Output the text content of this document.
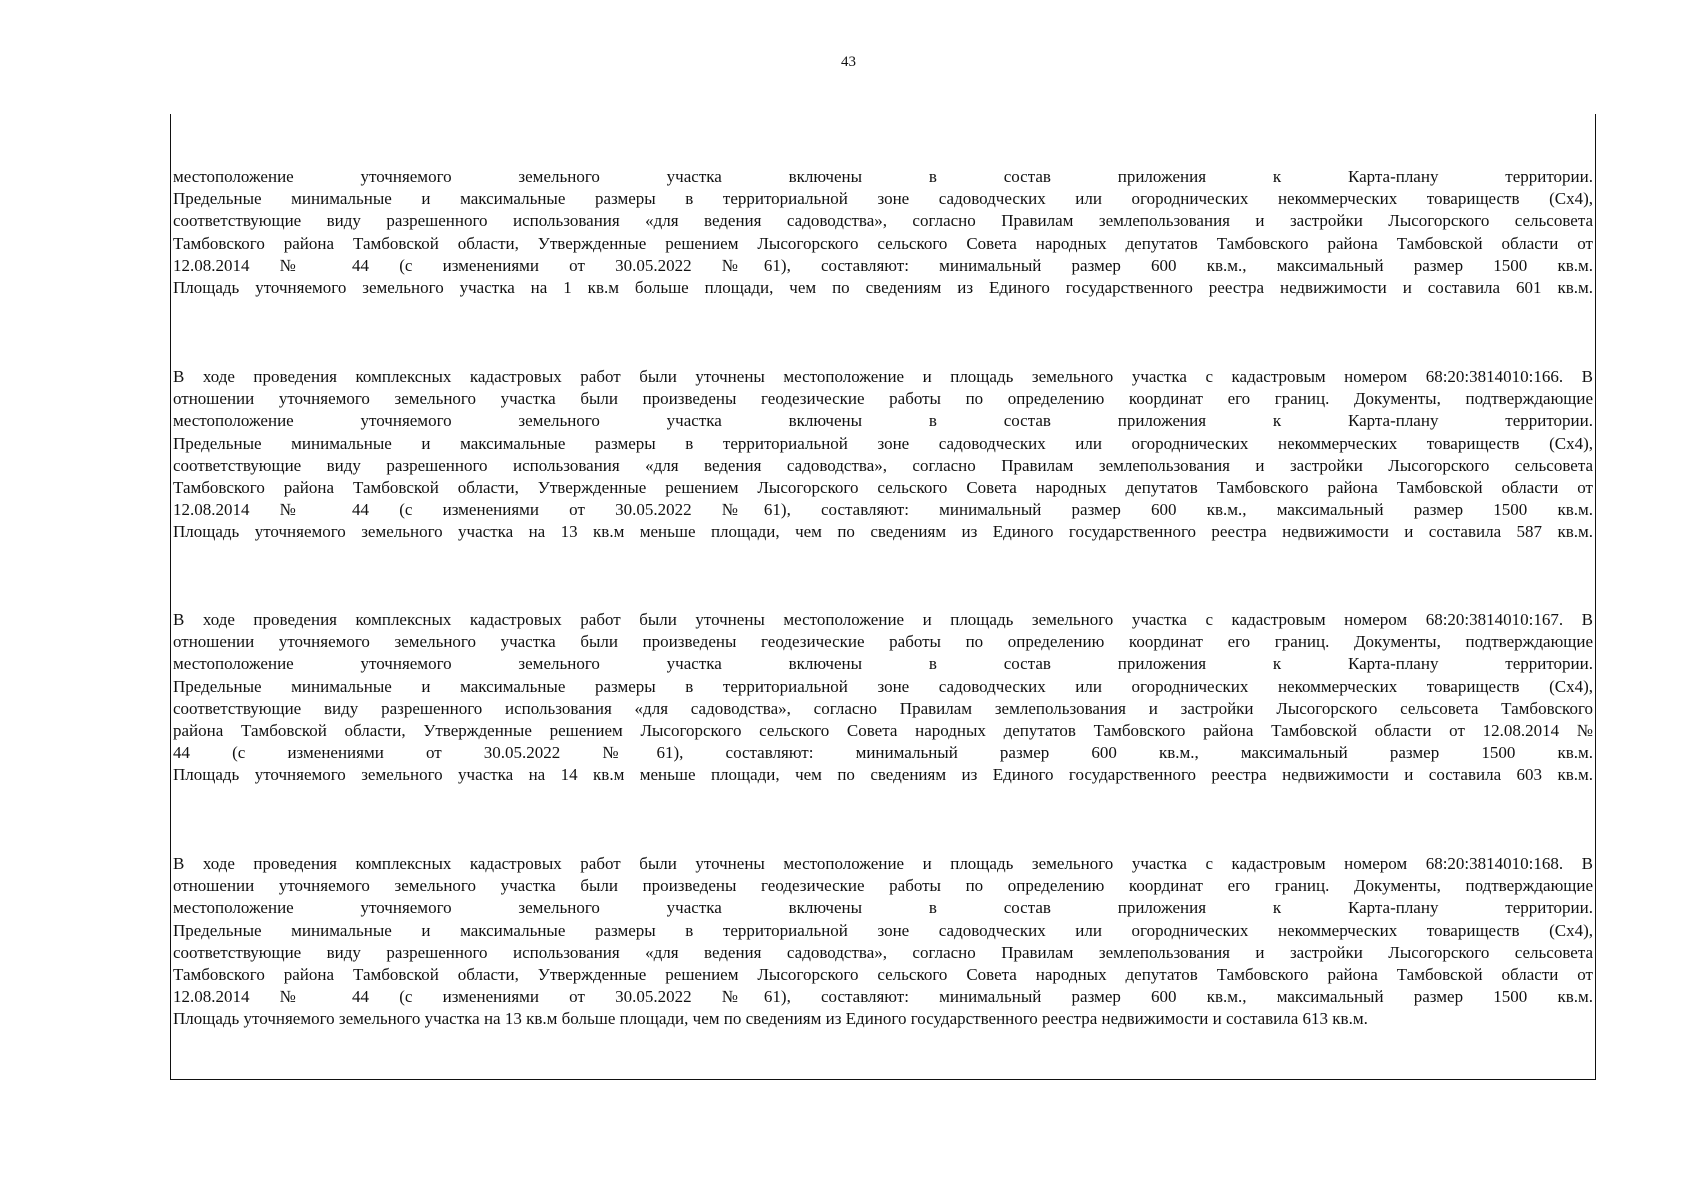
43
местоположение уточняемого земельного участка включены в состав приложения к Карта-плану территории.
Предельные минимальные и максимальные размеры в территориальной зоне садоводческих или огороднических некоммерческих товариществ (Сх4),
соответствующие виду разрешенного использования «для ведения садоводства», согласно Правилам землепользования и застройки Лысогорского сельсовета
Тамбовского района Тамбовской области, Утвержденные решением Лысогорского сельского Совета народных депутатов Тамбовского района Тамбовской области от
12.08.2014 № 44 (с изменениями от 30.05.2022 №61), составляют: минимальный размер 600 кв.м., максимальный размер 1500 кв.м.
Площадь уточняемого земельного участка на 1 кв.м больше площади, чем по сведениям из Единого государственного реестра недвижимости и составила 601 кв.м.
В ходе проведения комплексных кадастровых работ были уточнены местоположение и площадь земельного участка с кадастровым номером 68:20:3814010:166. В
отношении уточняемого земельного участка были произведены геодезические работы по определению координат его границ. Документы, подтверждающие
местоположение уточняемого земельного участка включены в состав приложения к Карта-плану территории.
Предельные минимальные и максимальные размеры в территориальной зоне садоводческих или огороднических некоммерческих товариществ (Сх4),
соответствующие виду разрешенного использования «для ведения садоводства», согласно Правилам землепользования и застройки Лысогорского сельсовета
Тамбовского района Тамбовской области, Утвержденные решением Лысогорского сельского Совета народных депутатов Тамбовского района Тамбовской области от
12.08.2014 № 44 (с изменениями от 30.05.2022 №61), составляют: минимальный размер 600 кв.м., максимальный размер 1500 кв.м.
Площадь уточняемого земельного участка на 13 кв.м меньше площади, чем по сведениям из Единого государственного реестра недвижимости и составила 587 кв.м.
В ходе проведения комплексных кадастровых работ были уточнены местоположение и площадь земельного участка с кадастровым номером 68:20:3814010:167. В
отношении уточняемого земельного участка были произведены геодезические работы по определению координат его границ. Документы, подтверждающие
местоположение уточняемого земельного участка включены в состав приложения к Карта-плану территории.
Предельные минимальные и максимальные размеры в территориальной зоне садоводческих или огороднических некоммерческих товариществ (Сх4),
соответствующие виду разрешенного использования «для садоводства», согласно Правилам землепользования и застройки Лысогорского сельсовета Тамбовского
района Тамбовской области, Утвержденные решением Лысогорского сельского Совета народных депутатов Тамбовского района Тамбовской области от 12.08.2014 №
44 (с изменениями от 30.05.2022 №61), составляют: минимальный размер 600 кв.м., максимальный размер 1500 кв.м.
Площадь уточняемого земельного участка на 14 кв.м меньше площади, чем по сведениям из Единого государственного реестра недвижимости и составила 603 кв.м.
В ходе проведения комплексных кадастровых работ были уточнены местоположение и площадь земельного участка с кадастровым номером 68:20:3814010:168. В
отношении уточняемого земельного участка были произведены геодезические работы по определению координат его границ. Документы, подтверждающие
местоположение уточняемого земельного участка включены в состав приложения к Карта-плану территории.
Предельные минимальные и максимальные размеры в территориальной зоне садоводческих или огороднических некоммерческих товариществ (Сх4),
соответствующие виду разрешенного использования «для ведения садоводства», согласно Правилам землепользования и застройки Лысогорского сельсовета
Тамбовского района Тамбовской области, Утвержденные решением Лысогорского сельского Совета народных депутатов Тамбовского района Тамбовской области от
12.08.2014 № 44 (с изменениями от 30.05.2022 №61), составляют: минимальный размер 600 кв.м., максимальный размер 1500 кв.м.
Площадь уточняемого земельного участка на 13 кв.м больше площади, чем по сведениям из Единого государственного реестра недвижимости и составила 613 кв.м.
